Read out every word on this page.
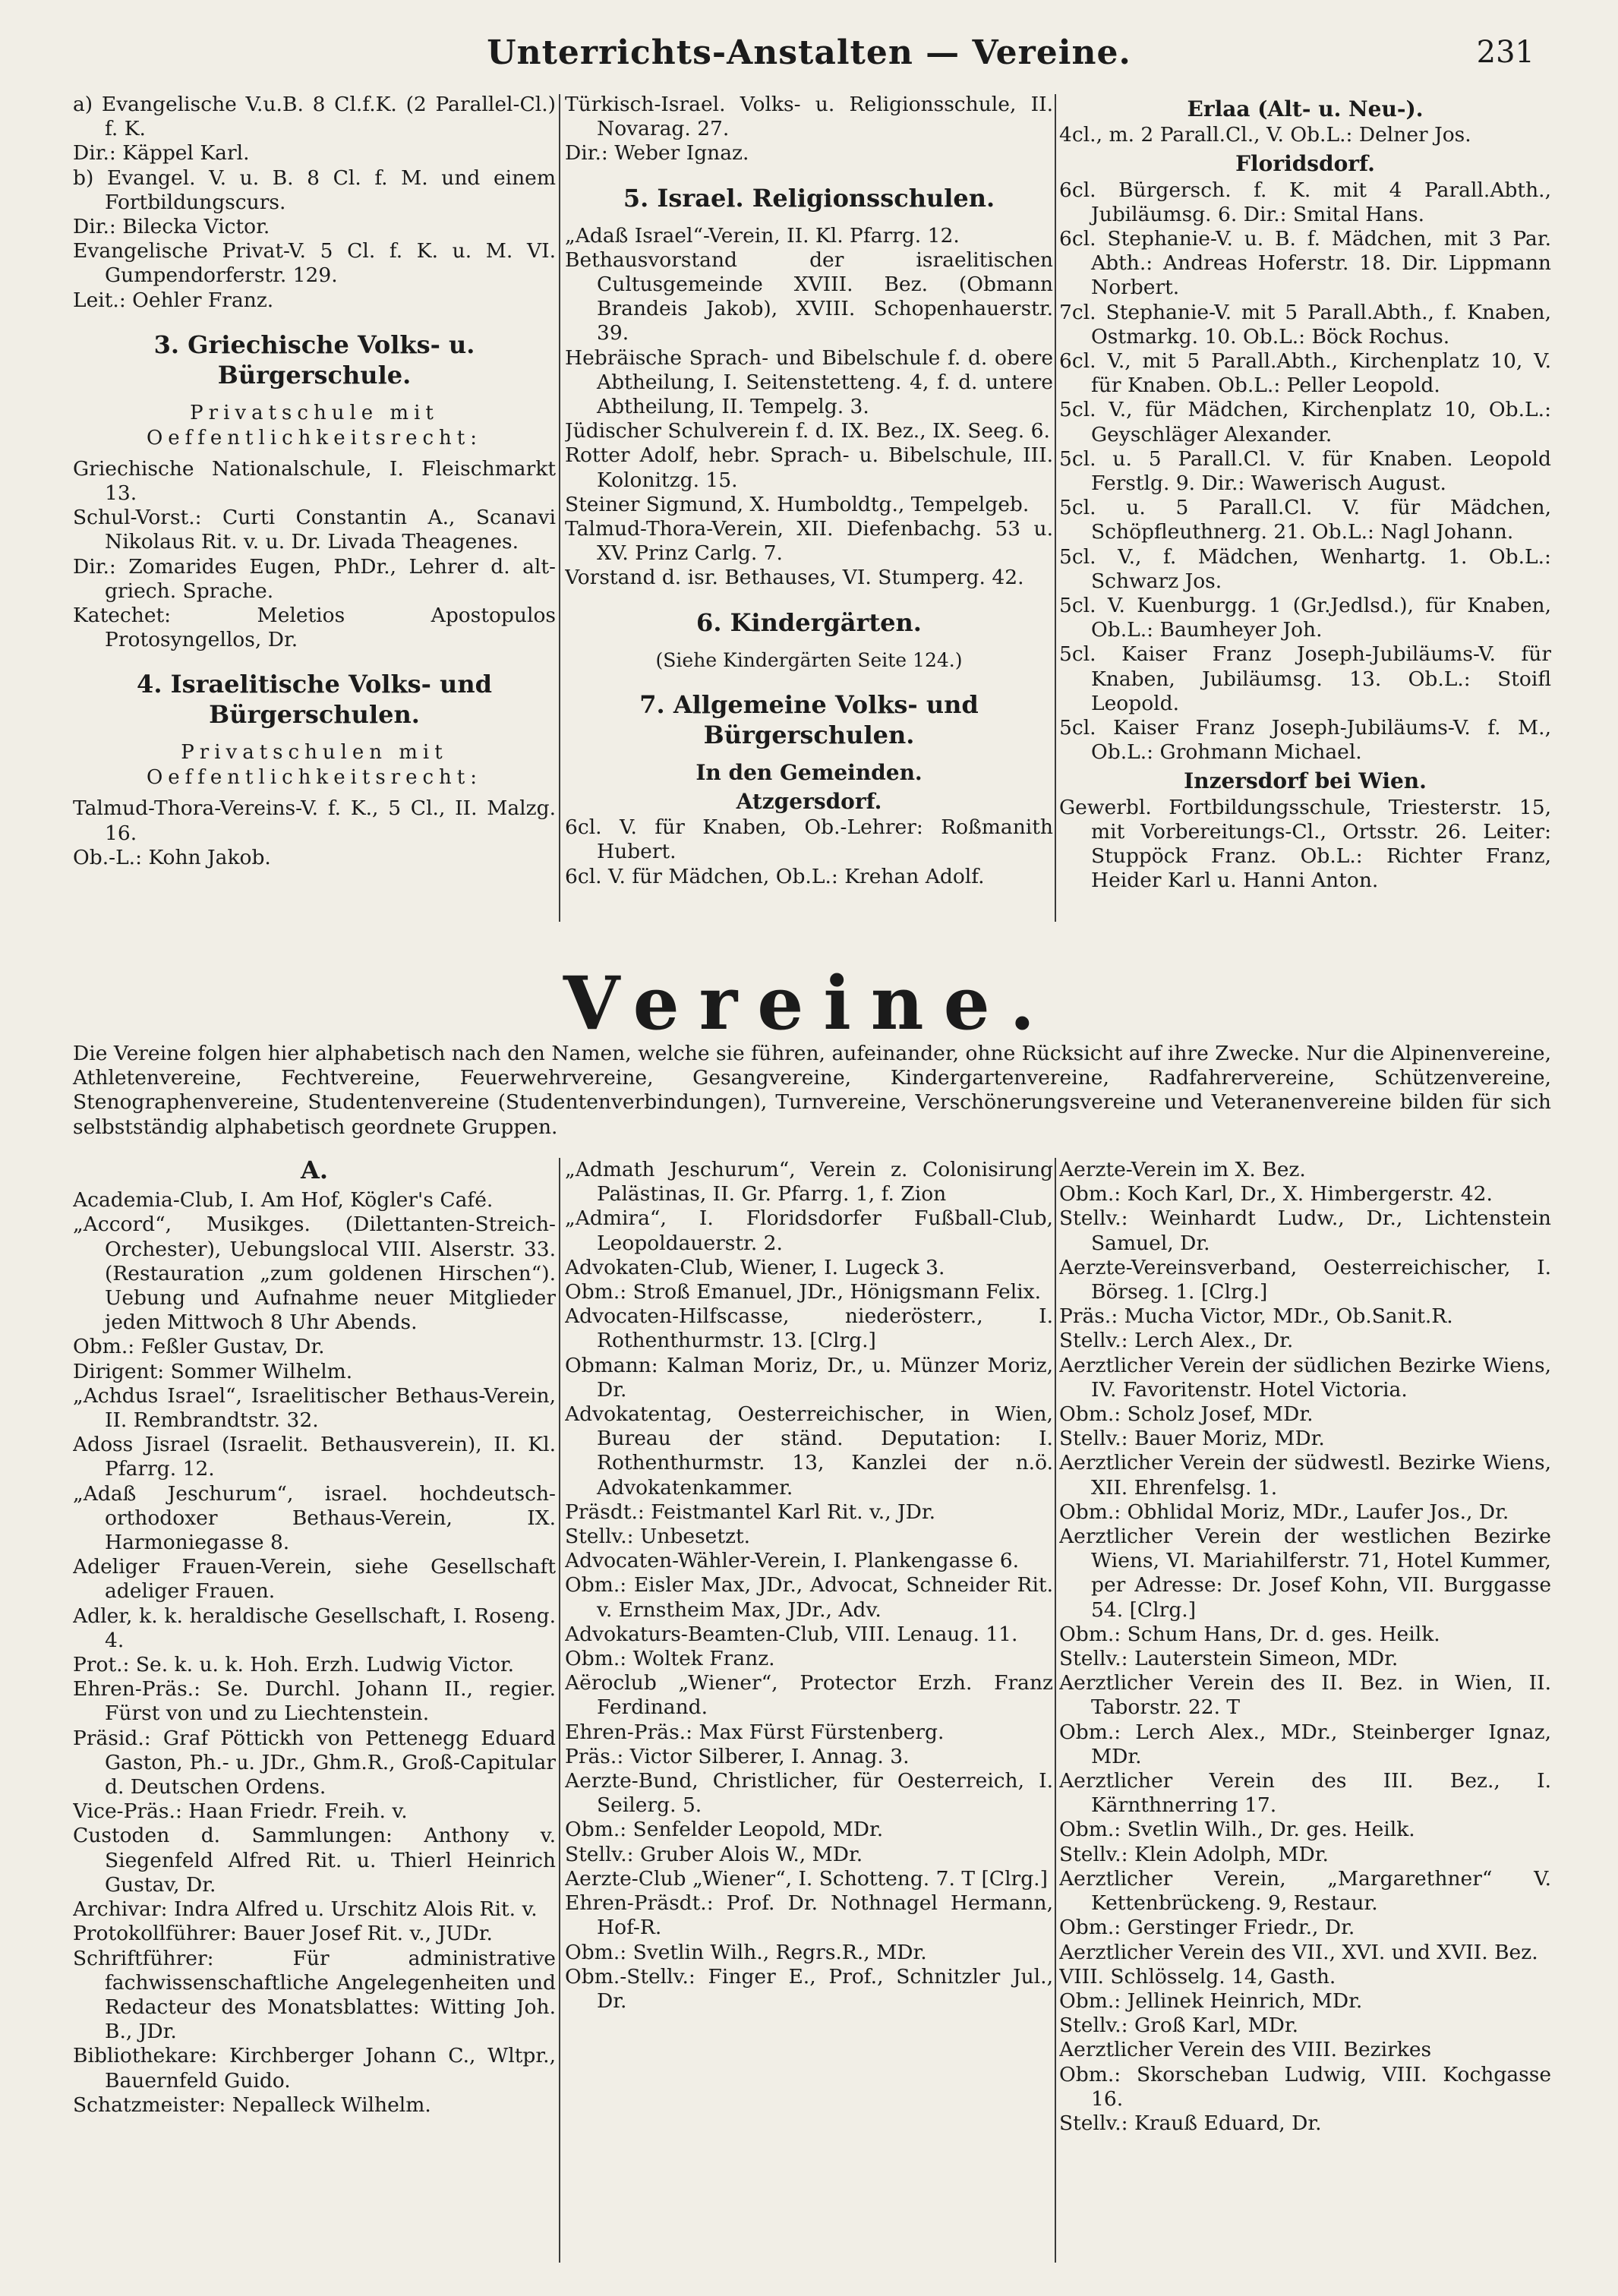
Unterrichts-Anstalten — Vereine.	231
a) Evangelische V.u.B. 8 Cl.f.K. (2 Parallel-Cl.) f. K.
Dir.: Käppel Karl.
b) Evangel. V. u. B. 8 Cl. f. M. und einem Fortbildungscurs.
Dir.: Bilecka Victor.
Evangelische Privat-V. 5 Cl. f. K. u. M. VI. Gumpendorferstr. 129.
Leit.: Oehler Franz.
3. Griechische Volks- u. Bürgerschule.
Privatschule mit Oeffentlichkeitsrecht:
Griechische Nationalschule, I. Fleischmarkt 13.
Schul-Vorst.: Curti Constantin A., Scanavi Nikolaus Rit. v. u. Dr. Livada Theagenes.
Dir.: Zomarides Eugen, PhDr., Lehrer d. alt-griech. Sprache.
Katechet: Meletios Apostopulos Protosyngellos, Dr.
4. Israelitische Volks- und Bürgerschulen.
Privatschulen mit Oeffentlichkeitsrecht:
Talmud-Thora-Vereins-V. f. K., 5 Cl., II. Malzg. 16.
Ob.-L.: Kohn Jakob.
Türkisch-Israel. Volks- u. Religionsschule, II. Novarag. 27.
Dir.: Weber Ignaz.
5. Israel. Religionsschulen.
„Adaß Israel“-Verein, II. Kl. Pfarrg. 12.
Bethausvorstand der israelitischen Cultusgemeinde XVIII. Bez. (Obmann Brandeis Jakob), XVIII. Schopenhauerstr. 39.
Hebräische Sprach- und Bibelschule f. d. obere Abtheilung, I. Seitenstetteng. 4, f. d. untere Abtheilung, II. Tempelg. 3.
Jüdischer Schulverein f. d. IX. Bez., IX. Seeg. 6.
Rotter Adolf, hebr. Sprach- u. Bibelschule, III. Kolonitzg. 15.
Steiner Sigmund, X. Humboldtg., Tempelgeb.
Talmud-Thora-Verein, XII. Diefenbachg. 53 u. XV. Prinz Carlg. 7.
Vorstand d. isr. Bethauses, VI. Stumperg. 42.
6. Kindergärten.
(Siehe Kindergärten Seite 124.)
7. Allgemeine Volks- und Bürgerschulen.
In den Gemeinden.
Atzgersdorf.
6cl. V. für Knaben, Ob.-Lehrer: Roßmanith Hubert.
6cl. V. für Mädchen, Ob.L.: Krehan Adolf.
Erlaa (Alt- u. Neu-).
4cl., m. 2 Parall.Cl., V. Ob.L.: Delner Jos.
Floridsdorf.
6cl. Bürgersch. f. K. mit 4 Parall.Abth., Jubiläumsg. 6. Dir.: Smital Hans.
6cl. Stephanie-V. u. B. f. Mädchen, mit 3 Par. Abth.: Andreas Hoferstr. 18. Dir. Lippmann Norbert.
7cl. Stephanie-V. mit 5 Parall.Abth., f. Knaben, Ostmarkg. 10. Ob.L.: Böck Rochus.
6cl. V., mit 5 Parall.Abth., Kirchenplatz 10, V. für Knaben. Ob.L.: Peller Leopold.
5cl. V., für Mädchen, Kirchenplatz 10, Ob.L.: Geyschläger Alexander.
5cl. u. 5 Parall.Cl. V. für Knaben. Leopold Ferstlg. 9. Dir.: Wawerisch August.
5cl. u. 5 Parall.Cl. V. für Mädchen, Schöpfleuthnerg. 21. Ob.L.: Nagl Johann.
5cl. V., f. Mädchen, Wenhartg. 1. Ob.L.: Schwarz Jos.
5cl. V. Kuenburgg. 1 (Gr.Jedlsd.), für Knaben, Ob.L.: Baumheyer Joh.
5cl. Kaiser Franz Joseph-Jubiläums-V. für Knaben, Jubiläumsg. 13. Ob.L.: Stoifl Leopold.
5cl. Kaiser Franz Joseph-Jubiläums-V. f. M., Ob.L.: Grohmann Michael.
Inzersdorf bei Wien.
Gewerbl. Fortbildungsschule, Triesterstr. 15, mit Vorbereitungs-Cl., Ortsstr. 26. Leiter: Stuppöck Franz. Ob.L.: Richter Franz, Heider Karl u. Hanni Anton.
Vereine.

Die Vereine folgen hier alphabetisch nach den Namen, welche sie führen, aufeinander, ohne Rücksicht auf ihre Zwecke. Nur die Alpinenvereine, Athletenvereine, Fechtvereine, Feuerwehrvereine, Gesangvereine, Kindergartenvereine, Radfahrervereine, Schützenvereine, Stenographenvereine, Studentenvereine (Studentenverbindungen), Turnvereine, Verschönerungsvereine und Veteranenvereine bilden für sich selbstständig alphabetisch geordnete Gruppen.

A.
Academia-Club, I. Am Hof, Kögler's Café.
„Accord“, Musikges. (Dilettanten-Streich-Orchester), Uebungslocal VIII. Alserstr. 33. (Restauration „zum goldenen Hirschen“). Uebung und Aufnahme neuer Mitglieder jeden Mittwoch 8 Uhr Abends.
Obm.: Feßler Gustav, Dr.
Dirigent: Sommer Wilhelm.
„Achdus Israel“, Israelitischer Bethaus-Verein, II. Rembrandtstr. 32.
Adoss Jisrael (Israelit. Bethausverein), II. Kl. Pfarrg. 12.
„Adaß Jeschurum“, israel. hochdeutsch-orthodoxer Bethaus-Verein, IX. Harmoniegasse 8.
Adeliger Frauen-Verein, siehe Gesellschaft adeliger Frauen.
Adler, k. k. heraldische Gesellschaft, I. Roseng. 4.
Prot.: Se. k. u. k. Hoh. Erzh. Ludwig Victor.
Ehren-Präs.: Se. Durchl. Johann II., regier. Fürst von und zu Liechtenstein.
Präsid.: Graf Pöttickh von Pettenegg Eduard Gaston, Ph.- u. JDr., Ghm.R., Groß-Capitular d. Deutschen Ordens.
Vice-Präs.: Haan Friedr. Freih. v.
Custoden d. Sammlungen: Anthony v. Siegenfeld Alfred Rit. u. Thierl Heinrich Gustav, Dr.
Archivar: Indra Alfred u. Urschitz Alois Rit. v.
Protokollführer: Bauer Josef Rit. v., JUDr.
Schriftführer: Für administrative fachwissenschaftliche Angelegenheiten und Redacteur des Monatsblattes: Witting Joh. B., JDr.
Bibliothekare: Kirchberger Johann C., Wltpr., Bauernfeld Guido.
Schatzmeister: Nepalleck Wilhelm.
„Admath Jeschurum“, Verein z. Colonisirung Palästinas, II. Gr. Pfarrg. 1, f. Zion
„Admira“, I. Floridsdorfer Fußball-Club, Leopoldauerstr. 2.
Advokaten-Club, Wiener, I. Lugeck 3.
Obm.: Stroß Emanuel, JDr., Hönigsmann Felix.
Advocaten-Hilfscasse, niederösterr., I. Rothenthurmstr. 13. [Clrg.]
Obmann: Kalman Moriz, Dr., u. Münzer Moriz, Dr.
Advokatentag, Oesterreichischer, in Wien, Bureau der ständ. Deputation: I. Rothenthurmstr. 13, Kanzlei der n.ö. Advokatenkammer.
Präsdt.: Feistmantel Karl Rit. v., JDr.
Stellv.: Unbesetzt.
Advocaten-Wähler-Verein, I. Plankengasse 6.
Obm.: Eisler Max, JDr., Advocat, Schneider Rit. v. Ernstheim Max, JDr., Adv.
Advokaturs-Beamten-Club, VIII. Lenaug. 11.
Obm.: Woltek Franz.
Aëroclub „Wiener“, Protector Erzh. Franz Ferdinand.
Ehren-Präs.: Max Fürst Fürstenberg.
Präs.: Victor Silberer, I. Annag. 3.
Aerzte-Bund, Christlicher, für Oesterreich, I. Seilerg. 5.
Obm.: Senfelder Leopold, MDr.
Stellv.: Gruber Alois W., MDr.
Aerzte-Club „Wiener“, I. Schotteng. 7. T [Clrg.]
Ehren-Präsdt.: Prof. Dr. Nothnagel Hermann, Hof-R.
Obm.: Svetlin Wilh., Regrs.R., MDr.
Obm.-Stellv.: Finger E., Prof., Schnitzler Jul., Dr.
Aerzte-Verein im X. Bez.
Obm.: Koch Karl, Dr., X. Himbergerstr. 42.
Stellv.: Weinhardt Ludw., Dr., Lichtenstein Samuel, Dr.
Aerzte-Vereinsverband, Oesterreichischer, I. Börseg. 1. [Clrg.]
Präs.: Mucha Victor, MDr., Ob.Sanit.R.
Stellv.: Lerch Alex., Dr.
Aerztlicher Verein der südlichen Bezirke Wiens, IV. Favoritenstr. Hotel Victoria.
Obm.: Scholz Josef, MDr.
Stellv.: Bauer Moriz, MDr.
Aerztlicher Verein der südwestl. Bezirke Wiens, XII. Ehrenfelsg. 1.
Obm.: Obhlidal Moriz, MDr., Laufer Jos., Dr.
Aerztlicher Verein der westlichen Bezirke Wiens, VI. Mariahilferstr. 71, Hotel Kummer, per Adresse: Dr. Josef Kohn, VII. Burggasse 54. [Clrg.]
Obm.: Schum Hans, Dr. d. ges. Heilk.
Stellv.: Lauterstein Simeon, MDr.
Aerztlicher Verein des II. Bez. in Wien, II. Taborstr. 22. T
Obm.: Lerch Alex., MDr., Steinberger Ignaz, MDr.
Aerztlicher Verein des III. Bez., I. Kärnthnerring 17.
Obm.: Svetlin Wilh., Dr. ges. Heilk.
Stellv.: Klein Adolph, MDr.
Aerztlicher Verein, „Margarethner“ V. Kettenbrückeng. 9, Restaur.
Obm.: Gerstinger Friedr., Dr.
Aerztlicher Verein des VII., XVI. und XVII. Bez.
VIII. Schlösselg. 14, Gasth.
Obm.: Jellinek Heinrich, MDr.
Stellv.: Groß Karl, MDr.
Aerztlicher Verein des VIII. Bezirkes
Obm.: Skorscheban Ludwig, VIII. Kochgasse 16.
Stellv.: Krauß Eduard, Dr.
